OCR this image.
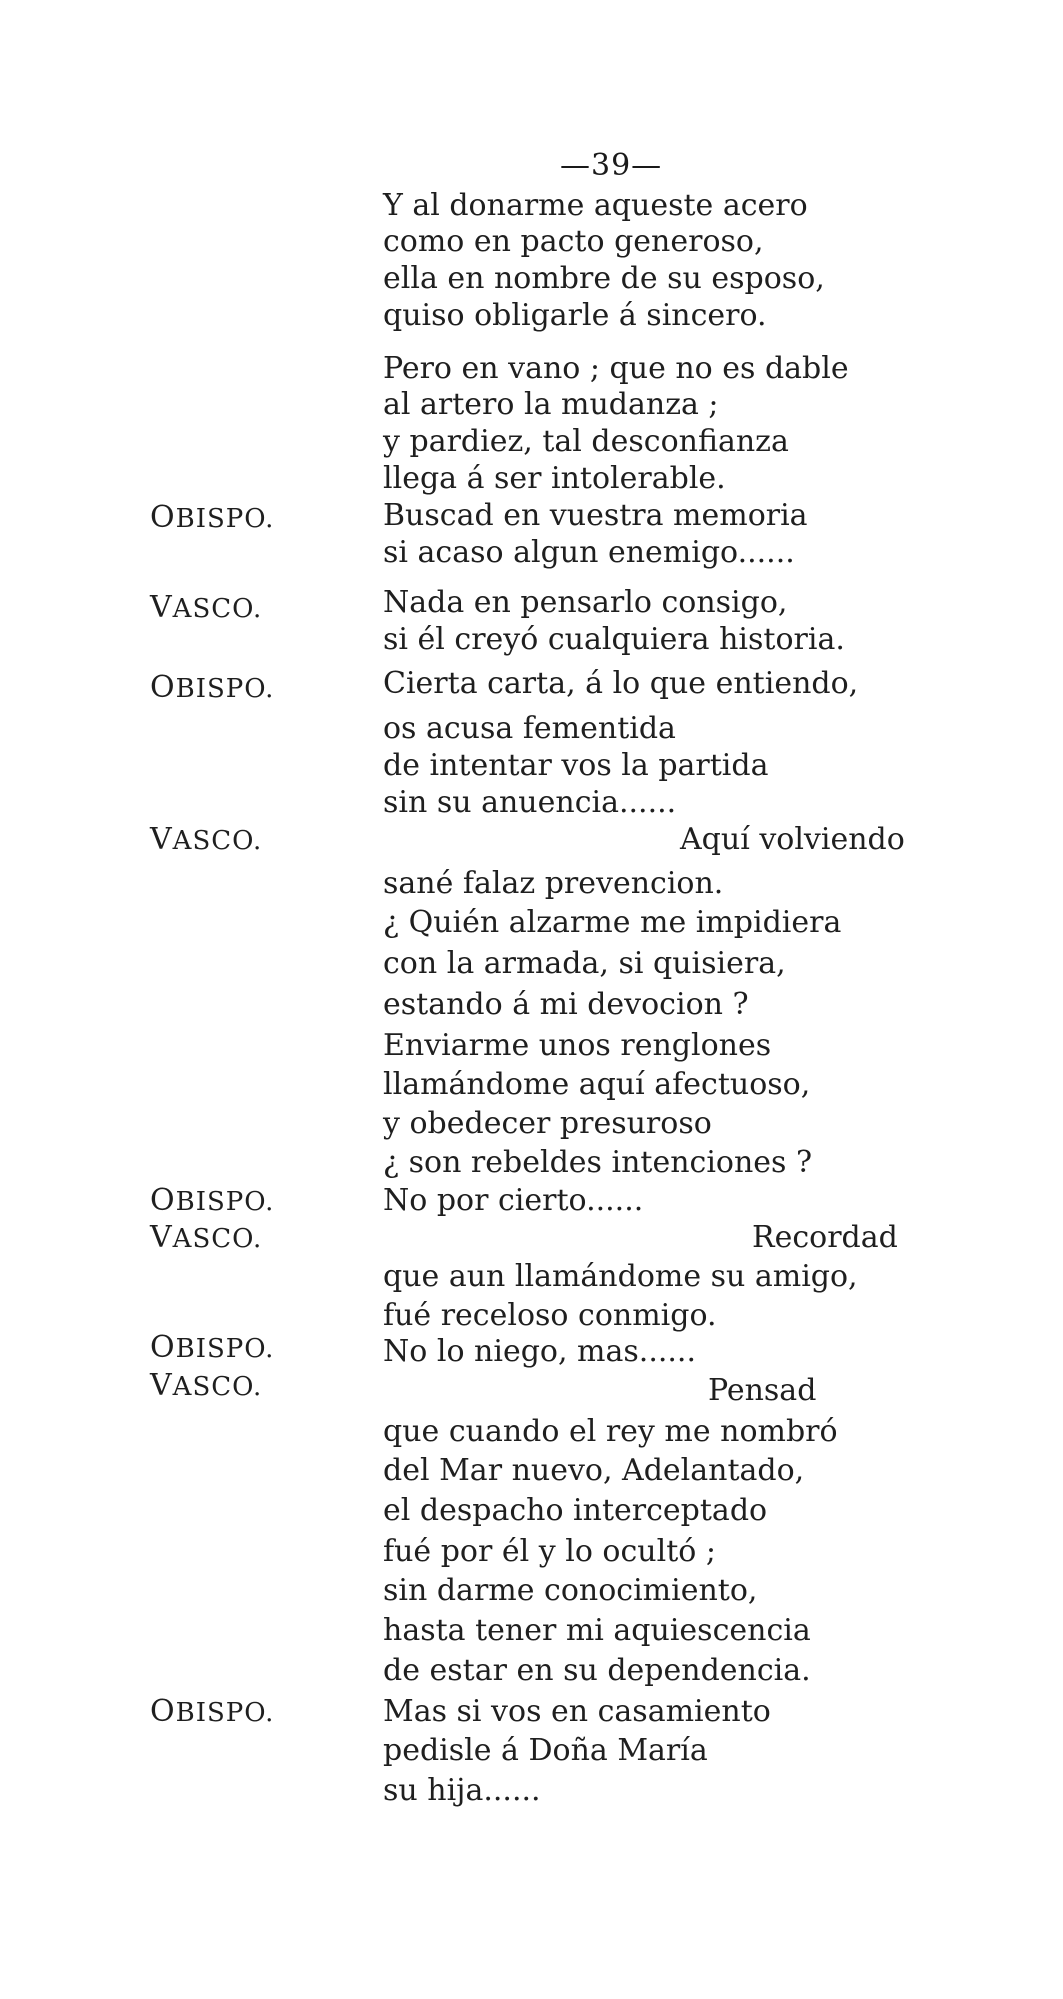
—39—
OBISPO.
VASCO.
OBISPO.
VASCO.
OBISPO.
VASCO.
OBISPO.
VASCO.
OBISPO.
Y al donarme aqueste acero
como en pacto generoso,
ella en nombre de su esposo,
quiso obligarle á sincero.
Pero en vano ; que no es dable
al artero la mudanza ;
y pardiez, tal desconfianza
llega á ser intolerable.
Buscad en vuestra memoria
si acaso algun enemigo......
Nada en pensarlo consigo,
si él creyó cualquiera historia.
Cierta carta, á lo que entiendo,
os acusa fementida
de intentar vos la partida
sin su anuencia......
Aquí volviendo
sané falaz prevencion.
¿ Quién alzarme me impidiera
con la armada, si quisiera,
estando á mi devocion ?
Enviarme unos renglones
llamándome aquí afectuoso,
y obedecer presuroso
¿ son rebeldes intenciones ?
No por cierto......
Recordad
que aun llamándome su amigo,
fué receloso conmigo.
No lo niego, mas......
Pensad
que cuando el rey me nombró
del Mar nuevo, Adelantado,
el despacho interceptado
fué por él y lo ocultó ;
sin darme conocimiento,
hasta tener mi aquiescencia
de estar en su dependencia.
Mas si vos en casamiento
pedisle á Doña María
su hija......
